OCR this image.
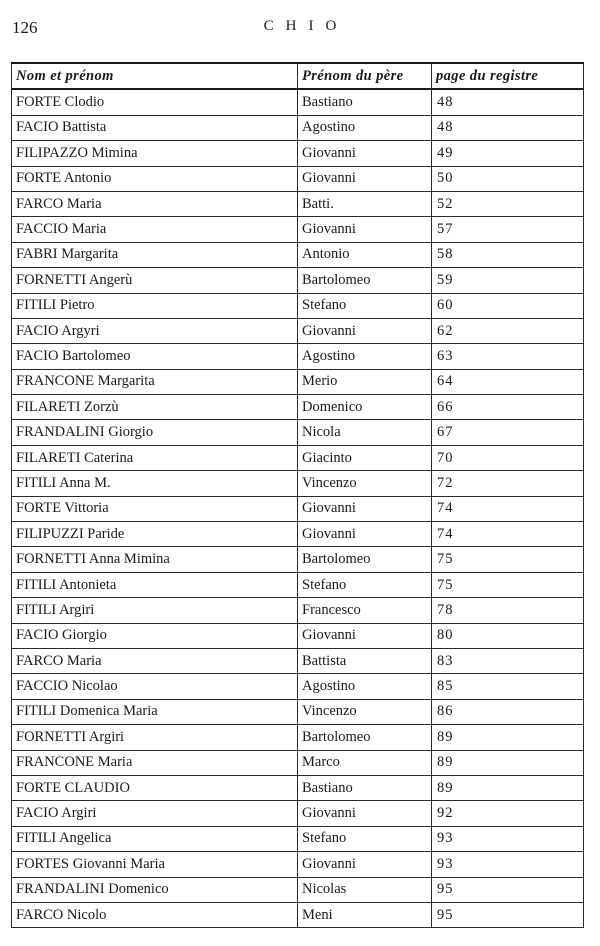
126	CHIO
Nom et prénom	Prénom du père	page du registre
FORTE Clodio	Bastiano	48
FACIO Battista	Agostino	48
FILIPAZZO Mimina	Giovanni	49
FORTE Antonio	Giovanni	50
FARCO Maria	Batti.	52
FACCIO Maria	Giovanni	57
FABRI Margarita	Antonio	58
FORNETTI Angerù	Bartolomeo	59
FITILI Pietro	Stefano	60
FACIO Argyri	Giovanni	62
FACIO Bartolomeo	Agostino	63
FRANCONE Margarita	Merio	64
FILARETI Zorzù	Domenico	66
FRANDALINI Giorgio	Nicola	67
FILARETI Caterina	Giacinto	70
FITILI Anna M.	Vincenzo	72
FORTE Vittoria	Giovanni	74
FILIPUZZI Paride	Giovanni	74
FORNETTI Anna Mimina	Bartolomeo	75
FITILI Antonieta	Stefano	75
FITILI Argiri	Francesco	78
FACIO Giorgio	Giovanni	80
FARCO Maria	Battista	83
FACCIO Nicolao	Agostino	85
FITILI Domenica Maria	Vincenzo	86
FORNETTI Argiri	Bartolomeo	89
FRANCONE Maria	Marco	89
FORTE CLAUDIO	Bastiano	89
FACIO Argiri	Giovanni	92
FITILI Angelica	Stefano	93
FORTES Giovanni Maria	Giovanni	93
FRANDALINI Domenico	Nicolas	95
FARCO Nicolo	Meni	95
